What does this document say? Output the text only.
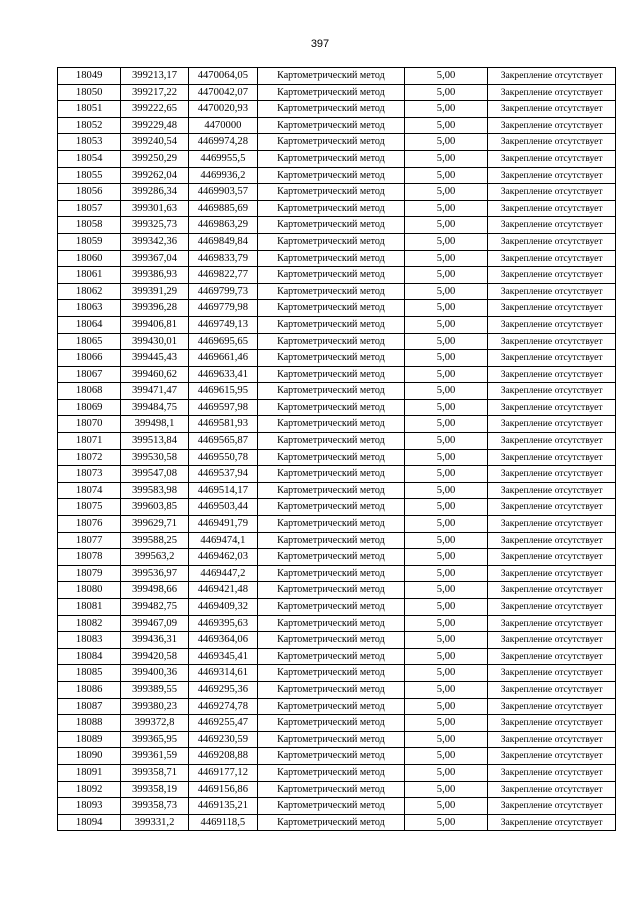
397
18049	399213,17	4470064,05	Картометрический метод	5,00	Закрепление отсутствует
18050	399217,22	4470042,07	Картометрический метод	5,00	Закрепление отсутствует
18051	399222,65	4470020,93	Картометрический метод	5,00	Закрепление отсутствует
18052	399229,48	4470000	Картометрический метод	5,00	Закрепление отсутствует
18053	399240,54	4469974,28	Картометрический метод	5,00	Закрепление отсутствует
18054	399250,29	4469955,5	Картометрический метод	5,00	Закрепление отсутствует
18055	399262,04	4469936,2	Картометрический метод	5,00	Закрепление отсутствует
18056	399286,34	4469903,57	Картометрический метод	5,00	Закрепление отсутствует
18057	399301,63	4469885,69	Картометрический метод	5,00	Закрепление отсутствует
18058	399325,73	4469863,29	Картометрический метод	5,00	Закрепление отсутствует
18059	399342,36	4469849,84	Картометрический метод	5,00	Закрепление отсутствует
18060	399367,04	4469833,79	Картометрический метод	5,00	Закрепление отсутствует
18061	399386,93	4469822,77	Картометрический метод	5,00	Закрепление отсутствует
18062	399391,29	4469799,73	Картометрический метод	5,00	Закрепление отсутствует
18063	399396,28	4469779,98	Картометрический метод	5,00	Закрепление отсутствует
18064	399406,81	4469749,13	Картометрический метод	5,00	Закрепление отсутствует
18065	399430,01	4469695,65	Картометрический метод	5,00	Закрепление отсутствует
18066	399445,43	4469661,46	Картометрический метод	5,00	Закрепление отсутствует
18067	399460,62	4469633,41	Картометрический метод	5,00	Закрепление отсутствует
18068	399471,47	4469615,95	Картометрический метод	5,00	Закрепление отсутствует
18069	399484,75	4469597,98	Картометрический метод	5,00	Закрепление отсутствует
18070	399498,1	4469581,93	Картометрический метод	5,00	Закрепление отсутствует
18071	399513,84	4469565,87	Картометрический метод	5,00	Закрепление отсутствует
18072	399530,58	4469550,78	Картометрический метод	5,00	Закрепление отсутствует
18073	399547,08	4469537,94	Картометрический метод	5,00	Закрепление отсутствует
18074	399583,98	4469514,17	Картометрический метод	5,00	Закрепление отсутствует
18075	399603,85	4469503,44	Картометрический метод	5,00	Закрепление отсутствует
18076	399629,71	4469491,79	Картометрический метод	5,00	Закрепление отсутствует
18077	399588,25	4469474,1	Картометрический метод	5,00	Закрепление отсутствует
18078	399563,2	4469462,03	Картометрический метод	5,00	Закрепление отсутствует
18079	399536,97	4469447,2	Картометрический метод	5,00	Закрепление отсутствует
18080	399498,66	4469421,48	Картометрический метод	5,00	Закрепление отсутствует
18081	399482,75	4469409,32	Картометрический метод	5,00	Закрепление отсутствует
18082	399467,09	4469395,63	Картометрический метод	5,00	Закрепление отсутствует
18083	399436,31	4469364,06	Картометрический метод	5,00	Закрепление отсутствует
18084	399420,58	4469345,41	Картометрический метод	5,00	Закрепление отсутствует
18085	399400,36	4469314,61	Картометрический метод	5,00	Закрепление отсутствует
18086	399389,55	4469295,36	Картометрический метод	5,00	Закрепление отсутствует
18087	399380,23	4469274,78	Картометрический метод	5,00	Закрепление отсутствует
18088	399372,8	4469255,47	Картометрический метод	5,00	Закрепление отсутствует
18089	399365,95	4469230,59	Картометрический метод	5,00	Закрепление отсутствует
18090	399361,59	4469208,88	Картометрический метод	5,00	Закрепление отсутствует
18091	399358,71	4469177,12	Картометрический метод	5,00	Закрепление отсутствует
18092	399358,19	4469156,86	Картометрический метод	5,00	Закрепление отсутствует
18093	399358,73	4469135,21	Картометрический метод	5,00	Закрепление отсутствует
18094	399331,2	4469118,5	Картометрический метод	5,00	Закрепление отсутствует
